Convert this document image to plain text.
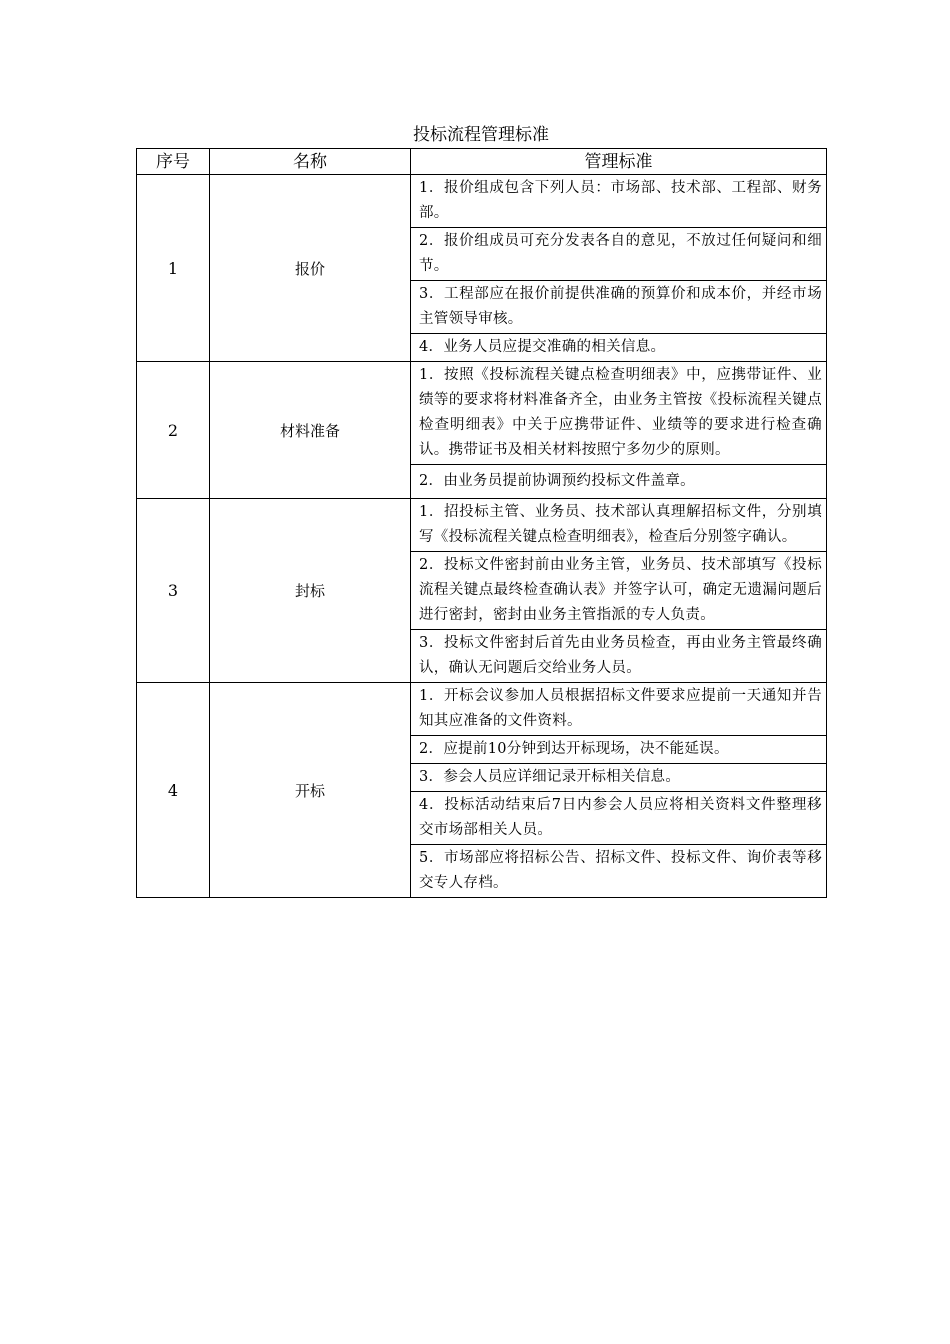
投标流程管理标准
序号	名称	管理标准
1	报价	1．报价组成包含下列人员：市场部、技术部、工程部、财务部。
2．报价组成员可充分发表各自的意见，不放过任何疑问和细节。
3．工程部应在报价前提供准确的预算价和成本价，并经市场主管领导审核。
4．业务人员应提交准确的相关信息。

2	材料准备	1．按照《投标流程关键点检查明细表》中，应携带证件、业绩等的要求将材料准备齐全，由业务主管按《投标流程关键点检查明细表》中关于应携带证件、业绩等的要求进行检查确认。携带证书及相关材料按照宁多勿少的原则。
2．由业务员提前协调预约投标文件盖章。

3	封标	1．招投标主管、业务员、技术部认真理解招标文件，分别填写《投标流程关键点检查明细表》，检查后分别签字确认。
2．投标文件密封前由业务主管，业务员、技术部填写《投标流程关键点最终检查确认表》并签字认可，确定无遗漏问题后进行密封，密封由业务主管指派的专人负责。
3．投标文件密封后首先由业务员检查，再由业务主管最终确认，确认无问题后交给业务人员。

4	开标	1．开标会议参加人员根据招标文件要求应提前一天通知并告知其应准备的文件资料。
2．应提前10分钟到达开标现场，决不能延误。
3．参会人员应详细记录开标相关信息。
4．投标活动结束后7日内参会人员应将相关资料文件整理移交市场部相关人员。
5．市场部应将招标公告、招标文件、投标文件、询价表等移交专人存档。
